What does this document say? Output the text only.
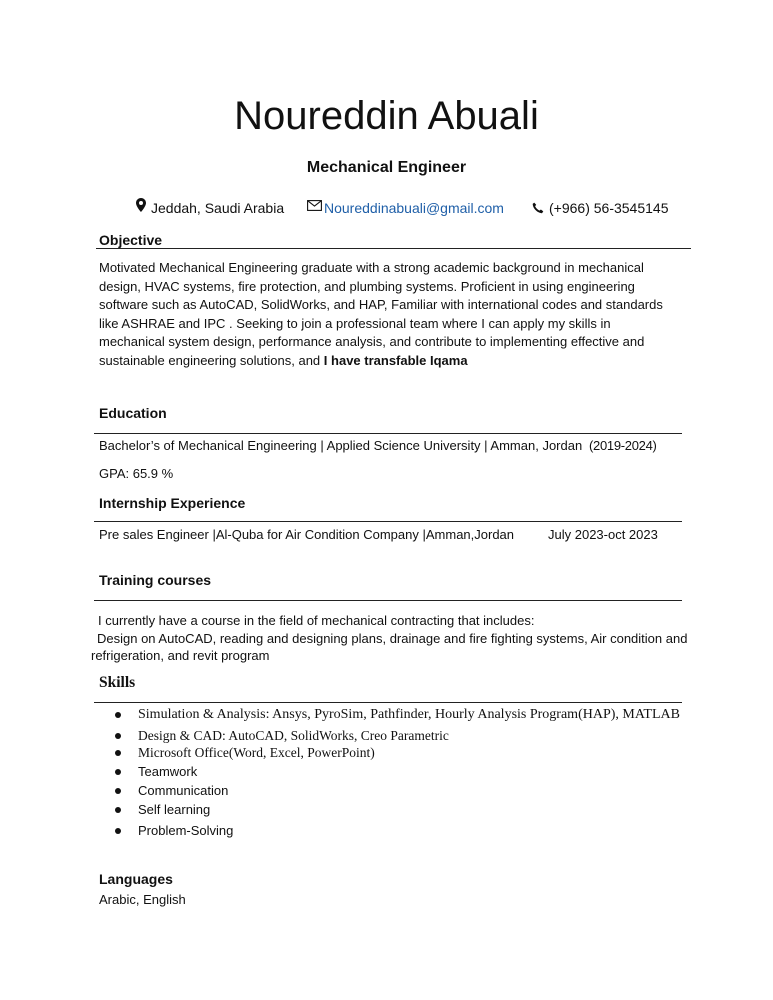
Noureddin Abuali
Mechanical Engineer
Jeddah, Saudi Arabia	Noureddinabuali@gmail.com	(+966) 56-3545145
Objective
Motivated Mechanical Engineering graduate with a strong academic background in mechanical design, HVAC systems, fire protection, and plumbing systems. Proficient in using engineering software such as AutoCAD, SolidWorks, and HAP, Familiar with international codes and standards like ASHRAE and IPC . Seeking to join a professional team where I can apply my skills in mechanical system design, performance analysis, and contribute to implementing effective and sustainable engineering solutions, and I have transfable Iqama
Education
Bachelor’s of Mechanical Engineering | Applied Science University | Amman, Jordan (2019-2024)
GPA: 65.9 %
Internship Experience
Pre sales Engineer |Al-Quba for Air Condition Company |Amman,Jordan	July 2023-oct 2023
Training courses
I currently have a course in the field of mechanical contracting that includes:
Design on AutoCAD, reading and designing plans, drainage and fire fighting systems, Air condition and
refrigeration, and revit program
Skills
Simulation & Analysis: Ansys, PyroSim, Pathfinder, Hourly Analysis Program(HAP), MATLAB
Design & CAD: AutoCAD, SolidWorks, Creo Parametric
Microsoft Office(Word, Excel, PowerPoint)
Teamwork
Communication
Self learning
Problem-Solving
Languages
Arabic, English
